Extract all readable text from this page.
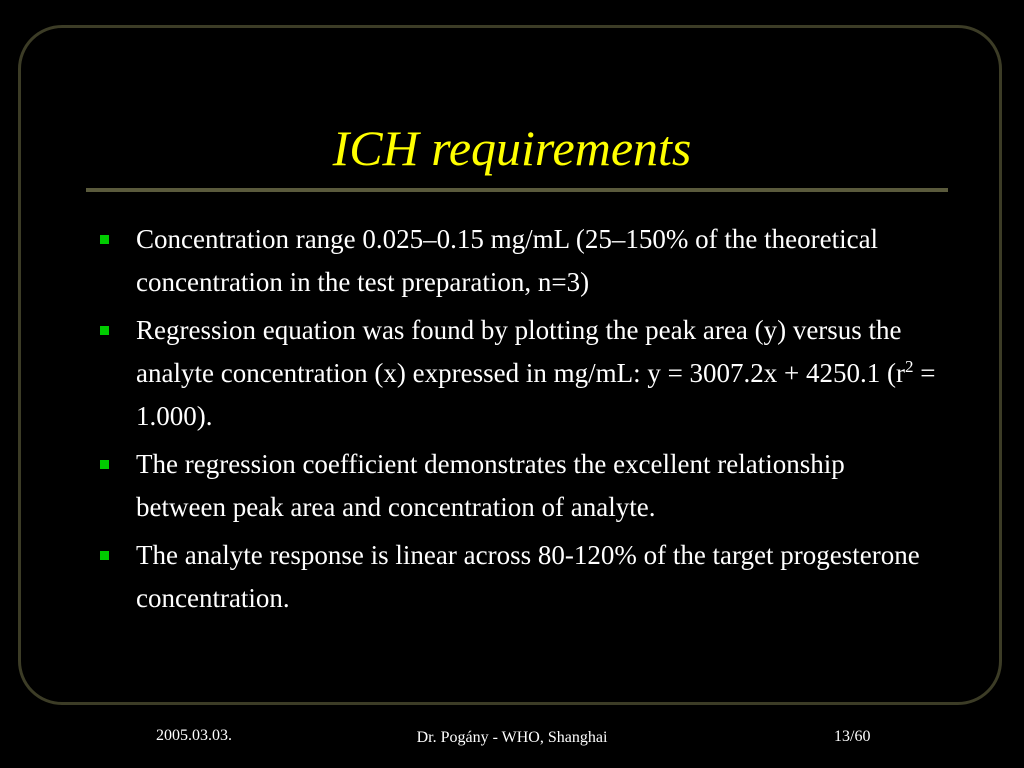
ICH requirements
Concentration range 0.025–0.15 mg/mL (25–150% of the theoretical concentration in the test preparation, n=3)
Regression equation was found by plotting the peak area (y) versus the analyte concentration (x) expressed in mg/mL: y = 3007.2x + 4250.1 $(r^2 = 1.000)$.
The regression coefficient demonstrates the excellent relationship between peak area and concentration of analyte.
The analyte response is linear across 80-120% of the target progesterone concentration.
2005.03.03.	Dr. Pogány - WHO, Shanghai	13/60
